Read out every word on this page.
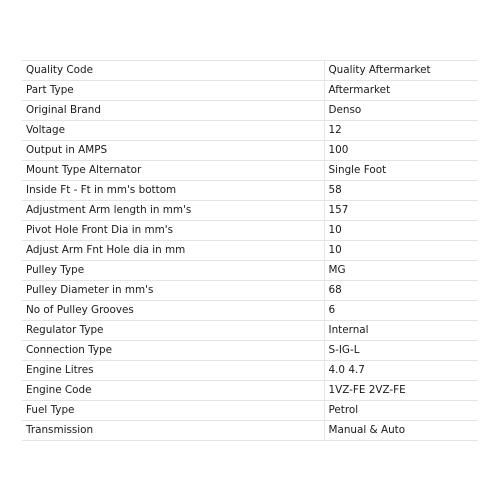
Quality Code	Quality Aftermarket
Part Type	Aftermarket
Original Brand	Denso
Voltage	12
Output in AMPS	100
Mount Type Alternator	Single Foot
Inside Ft - Ft in mm's bottom	58
Adjustment Arm length in mm's	157
Pivot Hole Front Dia in mm's	10
Adjust Arm Fnt Hole dia in mm	10
Pulley Type	MG
Pulley Diameter in mm's	68
No of Pulley Grooves	6
Regulator Type	Internal
Connection Type	S-IG-L
Engine Litres	4.0 4.7
Engine Code	1VZ-FE 2VZ-FE
Fuel Type	Petrol
Transmission	Manual & Auto
